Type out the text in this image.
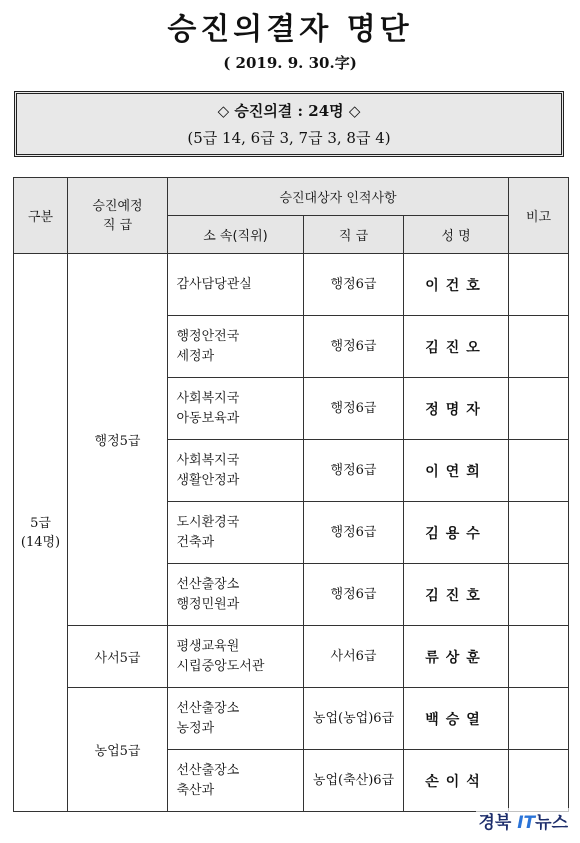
승진의결자 명단
( 2019. 9. 30.字)
◇ 승진의결 : 24명 ◇
(5급 14, 6급 3, 7급 3, 8급 4)
구분	승진예정
직 급	승진대상자 인적사항			비고
		소 속(직위)	직 급	성 명	

5급
(14명)	행정5급	감사담당관실	행정6급	이건호	
		행정안전국세정과	행정6급	김진오	
		사회복지국아동보육과	행정6급	정명자	
		사회복지국생활안정과	행정6급	이연희	
		도시환경국건축과	행정6급	김용수	
		선산출장소행정민원과	행정6급	김진호	
	사서5급	평생교육원시립중앙도서관	사서6급	류상훈	
	농업5급	선산출장소농정과	농업(농업)6급	백승열	
		선산출장소축산과	농업(축산)6급	손이석	
경북 IT뉴스
